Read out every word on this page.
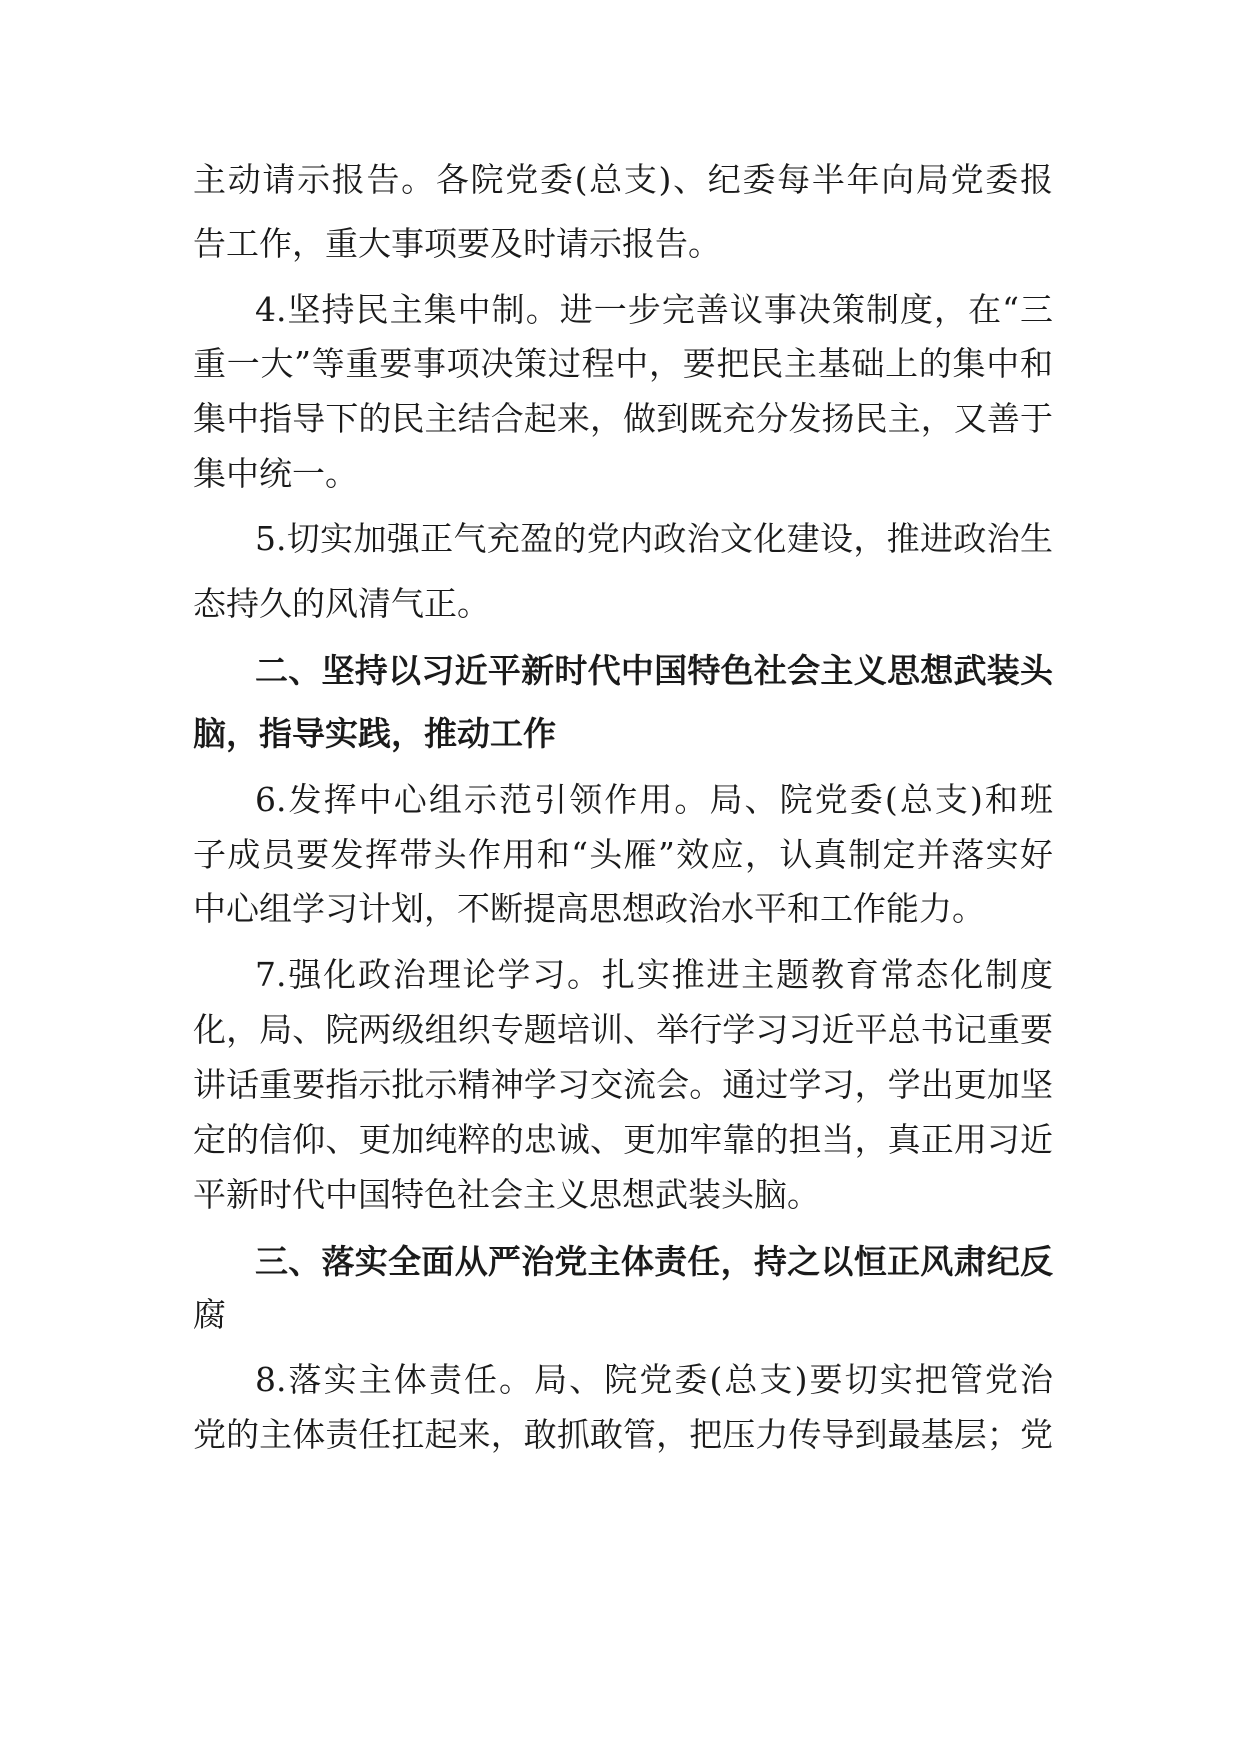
主动请示报告。各院党委(总支)、纪委每半年向局党委报
告工作，重大事项要及时请示报告。
4.坚持民主集中制。进一步完善议事决策制度，在“三
重一大”等重要事项决策过程中，要把民主基础上的集中和
集中指导下的民主结合起来，做到既充分发扬民主，又善于
集中统一。
5.切实加强正气充盈的党内政治文化建设，推进政治生
态持久的风清气正。
二、坚持以习近平新时代中国特色社会主义思想武装头
脑，指导实践，推动工作
6.发挥中心组示范引领作用。局、院党委(总支)和班
子成员要发挥带头作用和“头雁”效应，认真制定并落实好
中心组学习计划，不断提高思想政治水平和工作能力。
7.强化政治理论学习。扎实推进主题教育常态化制度
化，局、院两级组织专题培训、举行学习习近平总书记重要
讲话重要指示批示精神学习交流会。通过学习，学出更加坚
定的信仰、更加纯粹的忠诚、更加牢靠的担当，真正用习近
平新时代中国特色社会主义思想武装头脑。
三、落实全面从严治党主体责任，持之以恒正风肃纪反
腐
8.落实主体责任。局、院党委(总支)要切实把管党治
党的主体责任扛起来，敢抓敢管，把压力传导到最基层；党
